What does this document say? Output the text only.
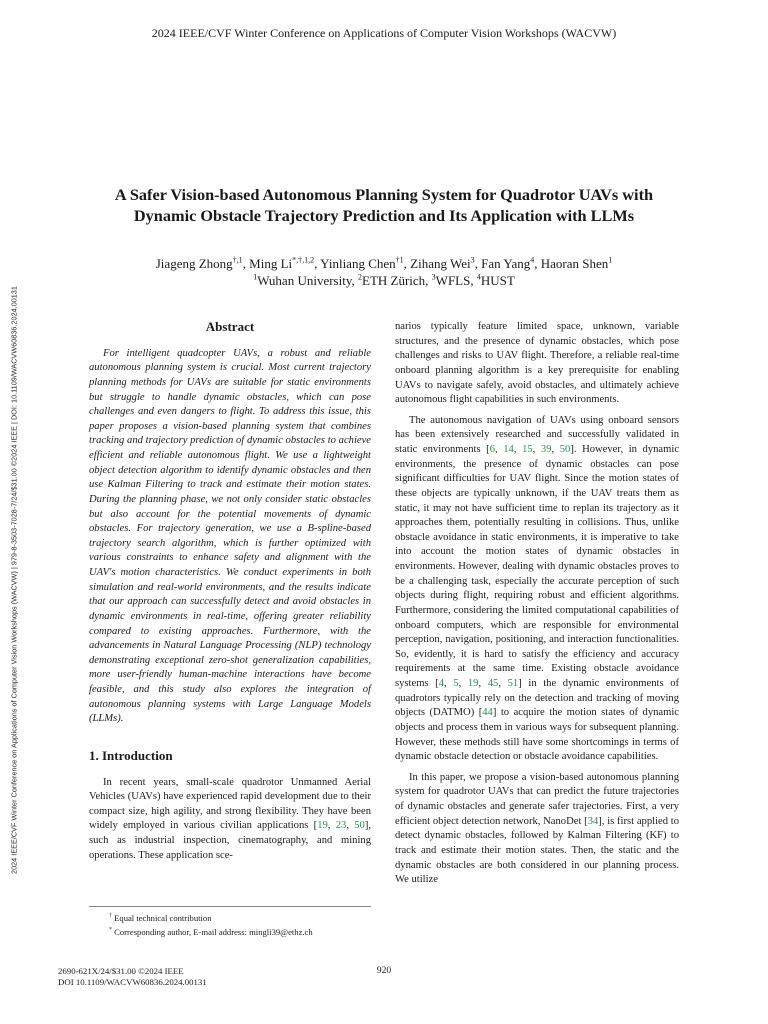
2024 IEEE/CVF Winter Conference on Applications of Computer Vision Workshops (WACVW)
2024 IEEE/CVF Winter Conference on Applications of Computer Vision Workshops (WACVW) | 979-8-3503-7028-7/24/$31.00 ©2024 IEEE | DOI: 10.1109/WACVW60836.2024.00131
A Safer Vision-based Autonomous Planning System for Quadrotor UAVs with
Dynamic Obstacle Trajectory Prediction and Its Application with LLMs
Jiageng Zhong$^{\dagger,1}$, Ming $Li^{*,\dagger,1,2}$, Yinliang Chen$^{\dagger 1}$, Zihang Wei$^3$, Fan Yang$^4$, Haoran Shen$^1$
$^1$Wuhan University, $^2$ETH Zürich, $^3$WFLS, $^4$HUST
Abstract

For intelligent quadcopter UAVs, a robust and reliable autonomous planning system is crucial. Most current trajectory planning methods for UAVs are suitable for static environments but struggle to handle dynamic obstacles, which can pose challenges and even dangers to flight. To address this issue, this paper proposes a vision-based planning system that combines tracking and trajectory prediction of dynamic obstacles to achieve efficient and reliable autonomous flight. We use a lightweight object detection algorithm to identify dynamic obstacles and then use Kalman Filtering to track and estimate their motion states. During the planning phase, we not only consider static obstacles but also account for the potential movements of dynamic obstacles. For trajectory generation, we use a B-spline-based trajectory search algorithm, which is further optimized with various constraints to enhance safety and alignment with the UAV's motion characteristics. We conduct experiments in both simulation and real-world environments, and the results indicate that our approach can successfully detect and avoid obstacles in dynamic environments in real-time, offering greater reliability compared to existing approaches. Furthermore, with the advancements in Natural Language Processing (NLP) technology demonstrating exceptional zero-shot generalization capabilities, more user-friendly human-machine interactions have become feasible, and this study also explores the integration of autonomous planning systems with Large Language Models (LLMs).

1. Introduction

In recent years, small-scale quadrotor Unmanned Aerial Vehicles (UAVs) have experienced rapid development due to their compact size, high agility, and strong flexibility. They have been widely employed in various civilian applications [19, 23, 50], such as industrial inspection, cinematography, and mining operations. These application sce-

narios typically feature limited space, unknown, variable structures, and the presence of dynamic obstacles, which pose challenges and risks to UAV flight. Therefore, a reliable real-time onboard planning algorithm is a key prerequisite for enabling UAVs to navigate safely, avoid obstacles, and ultimately achieve autonomous flight capabilities in such environments.

The autonomous navigation of UAVs using onboard sensors has been extensively researched and successfully validated in static environments [6, 14, 15, 39, 50]. However, in dynamic environments, the presence of dynamic obstacles can pose significant difficulties for UAV flight. Since the motion states of these objects are typically unknown, if the UAV treats them as static, it may not have sufficient time to replan its trajectory as it approaches them, potentially resulting in collisions. Thus, unlike obstacle avoidance in static environments, it is imperative to take into account the motion states of dynamic obstacles in environments. However, dealing with dynamic obstacles proves to be a challenging task, especially the accurate perception of such objects during flight, requiring robust and efficient algorithms. Furthermore, considering the limited computational capabilities of onboard computers, which are responsible for environmental perception, navigation, positioning, and interaction functionalities. So, evidently, it is hard to satisfy the efficiency and accuracy requirements at the same time. Existing obstacle avoidance systems [4, 5, 19, 45, 51] in the dynamic environments of quadrotors typically rely on the detection and tracking of moving objects (DATMO) [44] to acquire the motion states of dynamic objects and process them in various ways for subsequent planning. However, these methods still have some shortcomings in terms of dynamic obstacle detection or obstacle avoidance capabilities.

In this paper, we propose a vision-based autonomous planning system for quadrotor UAVs that can predict the future trajectories of dynamic obstacles and generate safer trajectories. First, a very efficient object detection network, NanoDet [34], is first applied to detect dynamic obstacles, followed by Kalman Filtering (KF) to track and estimate their motion states. Then, the static and the dynamic obstacles are both considered in our planning process. We utilize

† Equal technical contribution
* Corresponding author, E-mail address: mingli39@ethz.ch
2690-621X/24/$31.00 ©2024 IEEE
DOI 10.1109/WACVW60836.2024.00131
920
